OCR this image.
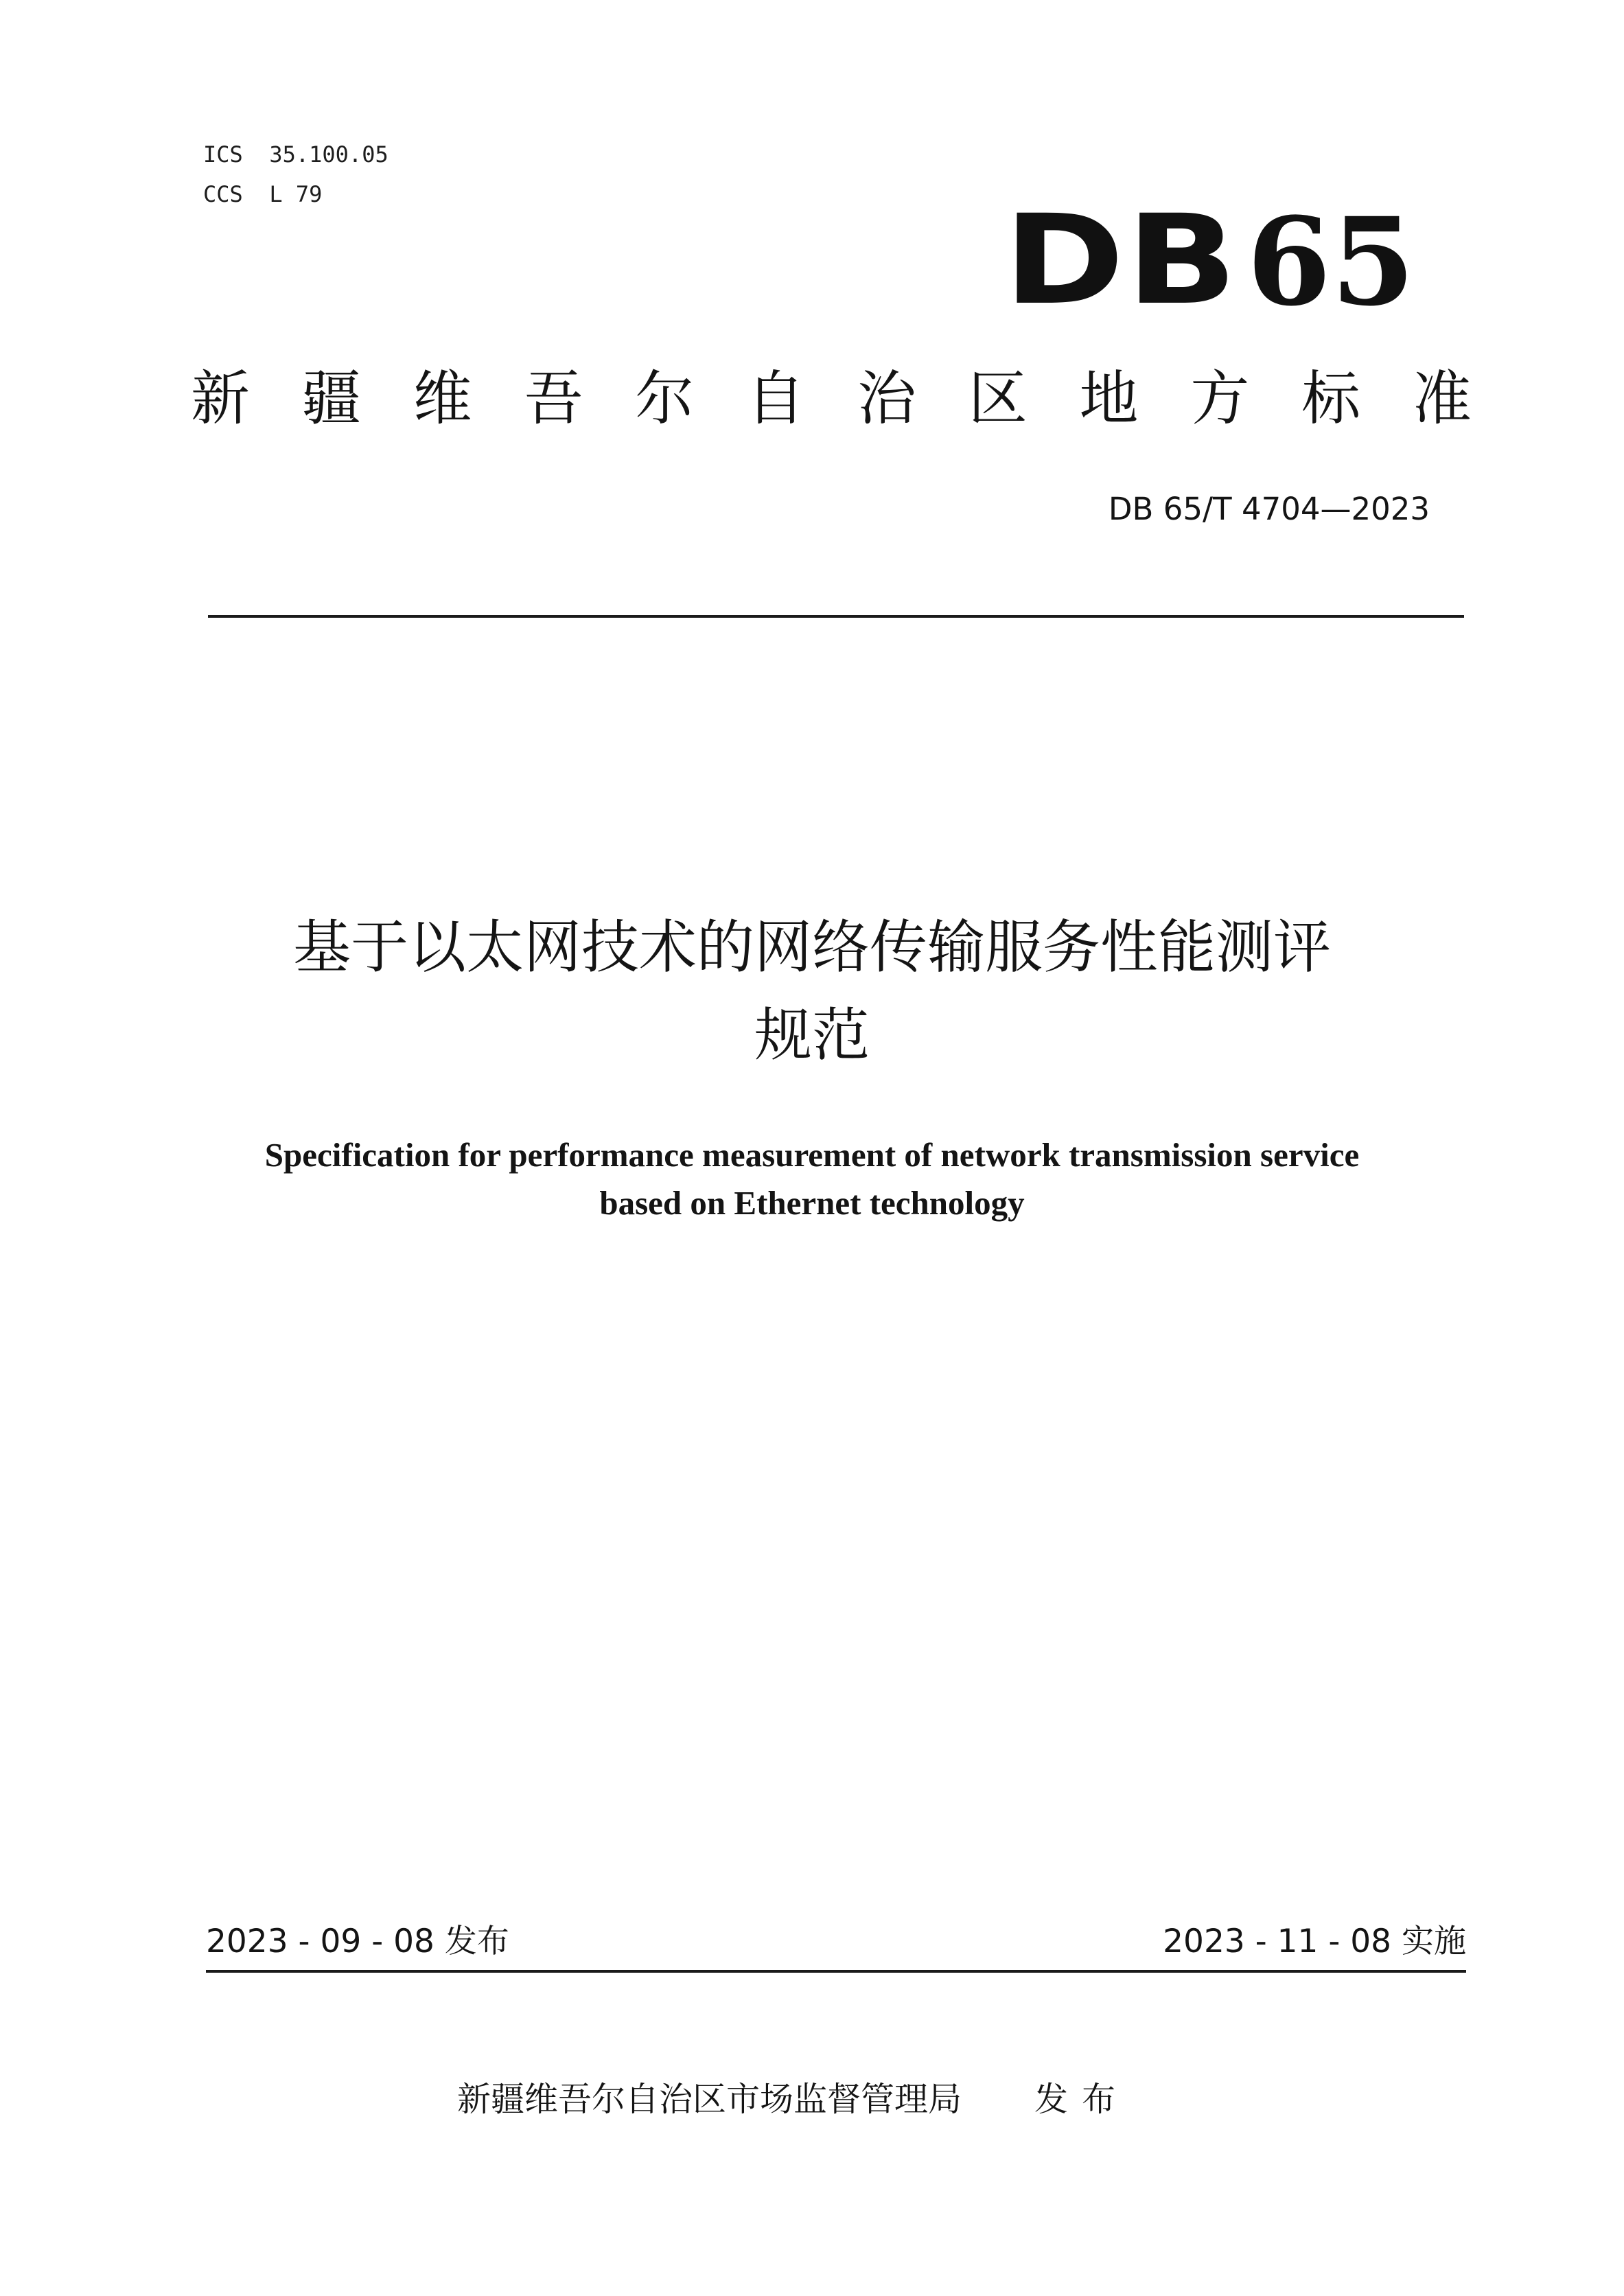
ICS  35.100.05
CCS  L 79	DB 65
新 疆 维 吾 尔 自 治 区 地 方 标 准
DB 65/T 4704—2023
基于以太网技术的网络传输服务性能测评
规范
Specification for performance measurement of network transmission service
based on Ethernet technology
2023 - 09 - 08 发布	2023 - 11 - 08 实施
新疆维吾尔自治区市场监督管理局 发布
